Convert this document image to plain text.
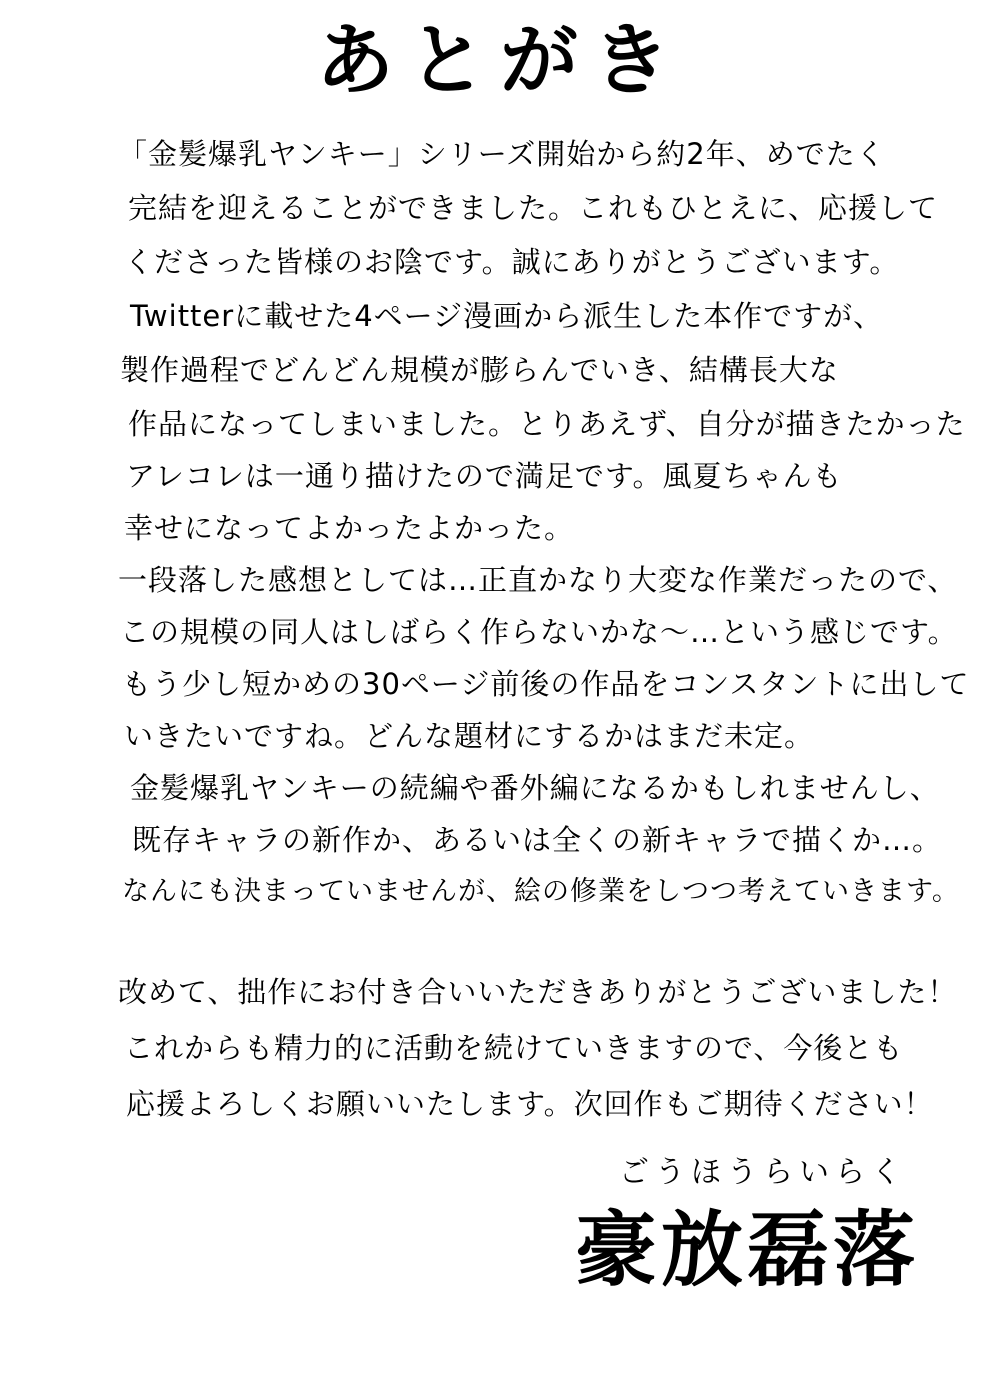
あとがき
「金髪爆乳ヤンキー」シリーズ開始から約2年、めでたく
完結を迎えることができました。これもひとえに、応援して
くださった皆様のお陰です。誠にありがとうございます。
Twitterに載せた4ページ漫画から派生した本作ですが、
製作過程でどんどん規模が膨らんでいき、結構長大な
作品になってしまいました。とりあえず、自分が描きたかった
アレコレは一通り描けたので満足です。風夏ちゃんも
幸せになってよかったよかった。
一段落した感想としては…正直かなり大変な作業だったので、
この規模の同人はしばらく作らないかな〜…という感じです。
もう少し短かめの30ページ前後の作品をコンスタントに出して
いきたいですね。どんな題材にするかはまだ未定。
金髪爆乳ヤンキーの続編や番外編になるかもしれませんし、
既存キャラの新作か、あるいは全くの新キャラで描くか…。
なんにも決まっていませんが、絵の修業をしつつ考えていきます。
改めて、拙作にお付き合いいただきありがとうございました！
これからも精力的に活動を続けていきますので、今後とも
応援よろしくお願いいたします。次回作もご期待ください！
ごうほうらいらく
豪放磊落
